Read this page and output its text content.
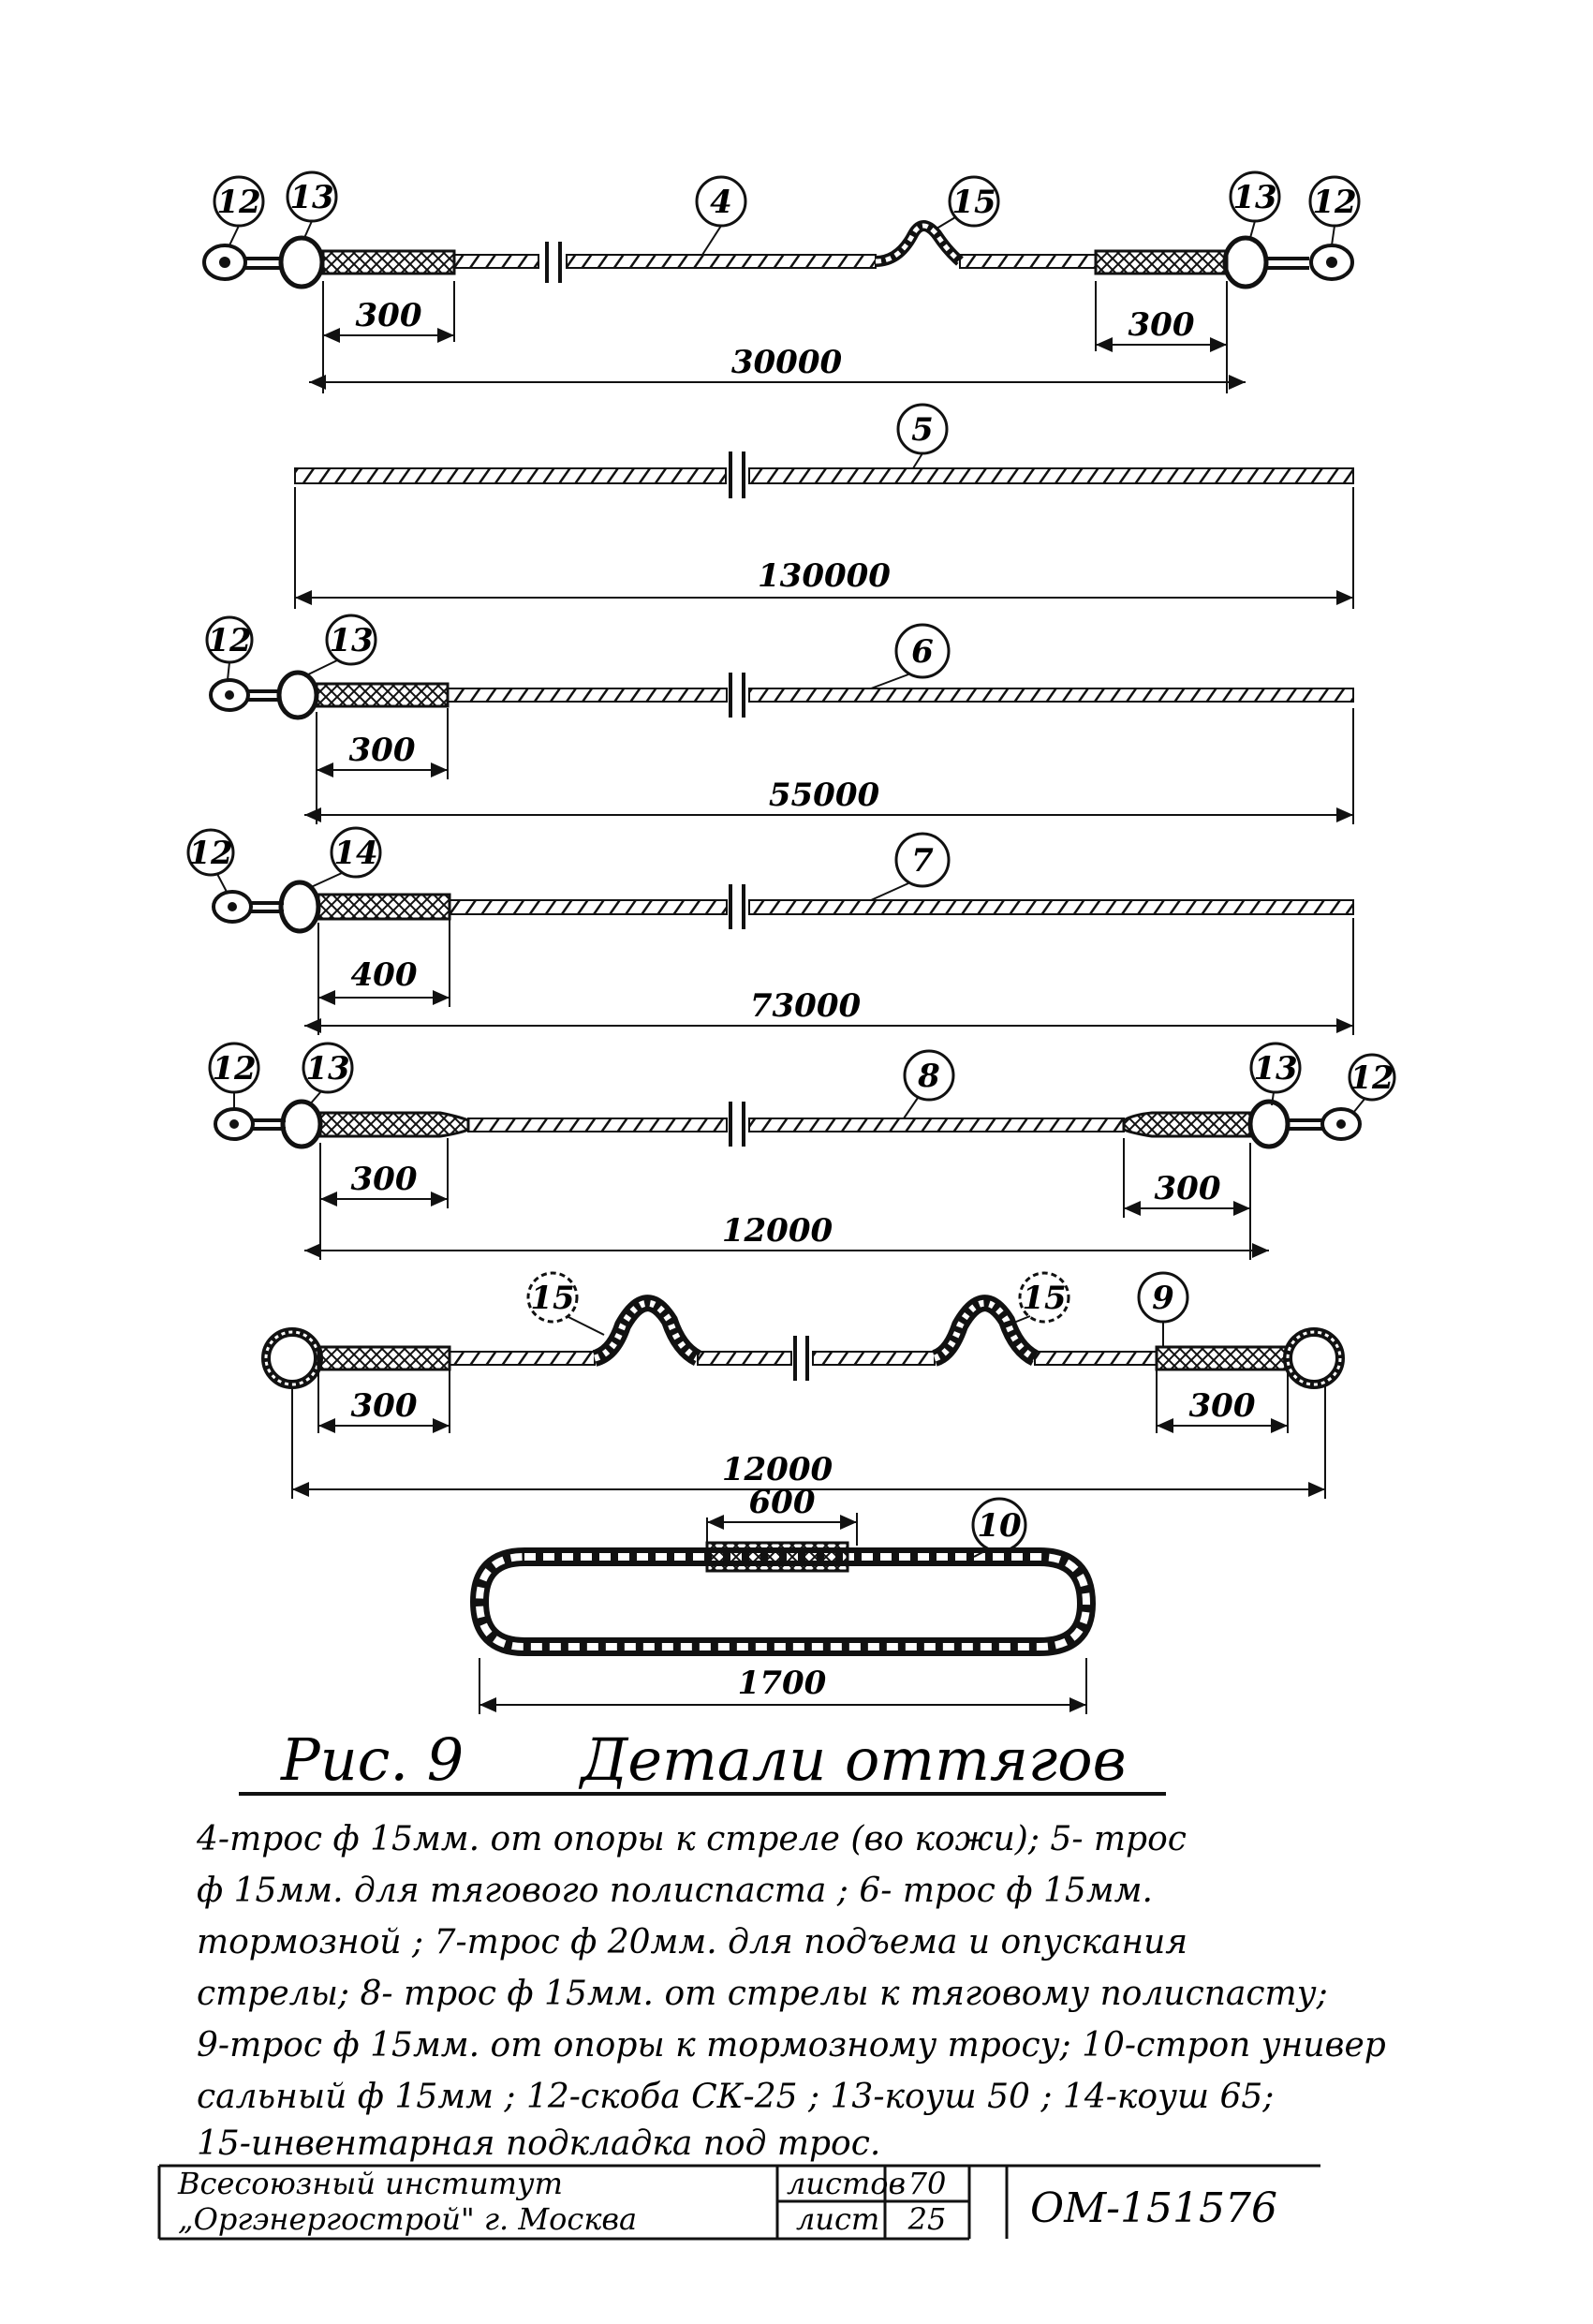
12 13	4	15	13 12
300	300
30000
5
130000
12 13	6
300
55000
12	14	7
400
73000
12 13	8	13 12
300	300
12000
15	15	9
300	300
12000
10
600
1700
Рис. 9 Детали оттягов
4-трос ф 15мм. от опоры к стреле (во кожи); 5- трос
ф 15мм. для тягового полиспаста ; 6- трос ф 15мм.
тормозной ; 7-трос ф 20мм. для подъема и опускания
стрелы; 8- трос ф 15мм. от стрелы к тяговому полиспасту;
9-трос ф 15мм. от опоры к тормозному тросу; 10-строп универ
сальный ф 15мм ; 12-скоба СК-25 ; 13-коуш 50 ; 14-коуш 65;
15-инвентарная подкладка под трос.
Всесоюзный институт
„Оргэнергострой" г. Москва
листов 70
лист 25 ОМ-151576
